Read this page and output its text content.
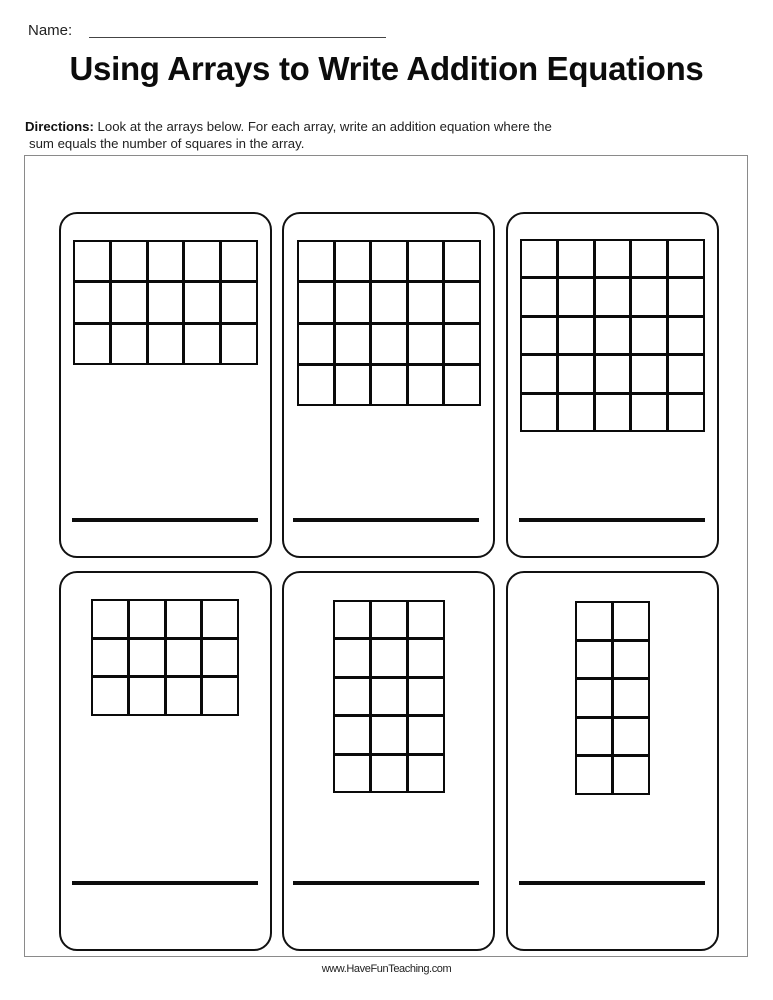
Name:
Using Arrays to Write Addition Equations
Directions: Look at the arrays below. For each array, write an addition equation where the
sum equals the number of squares in the array.
www.HaveFunTeaching.com
